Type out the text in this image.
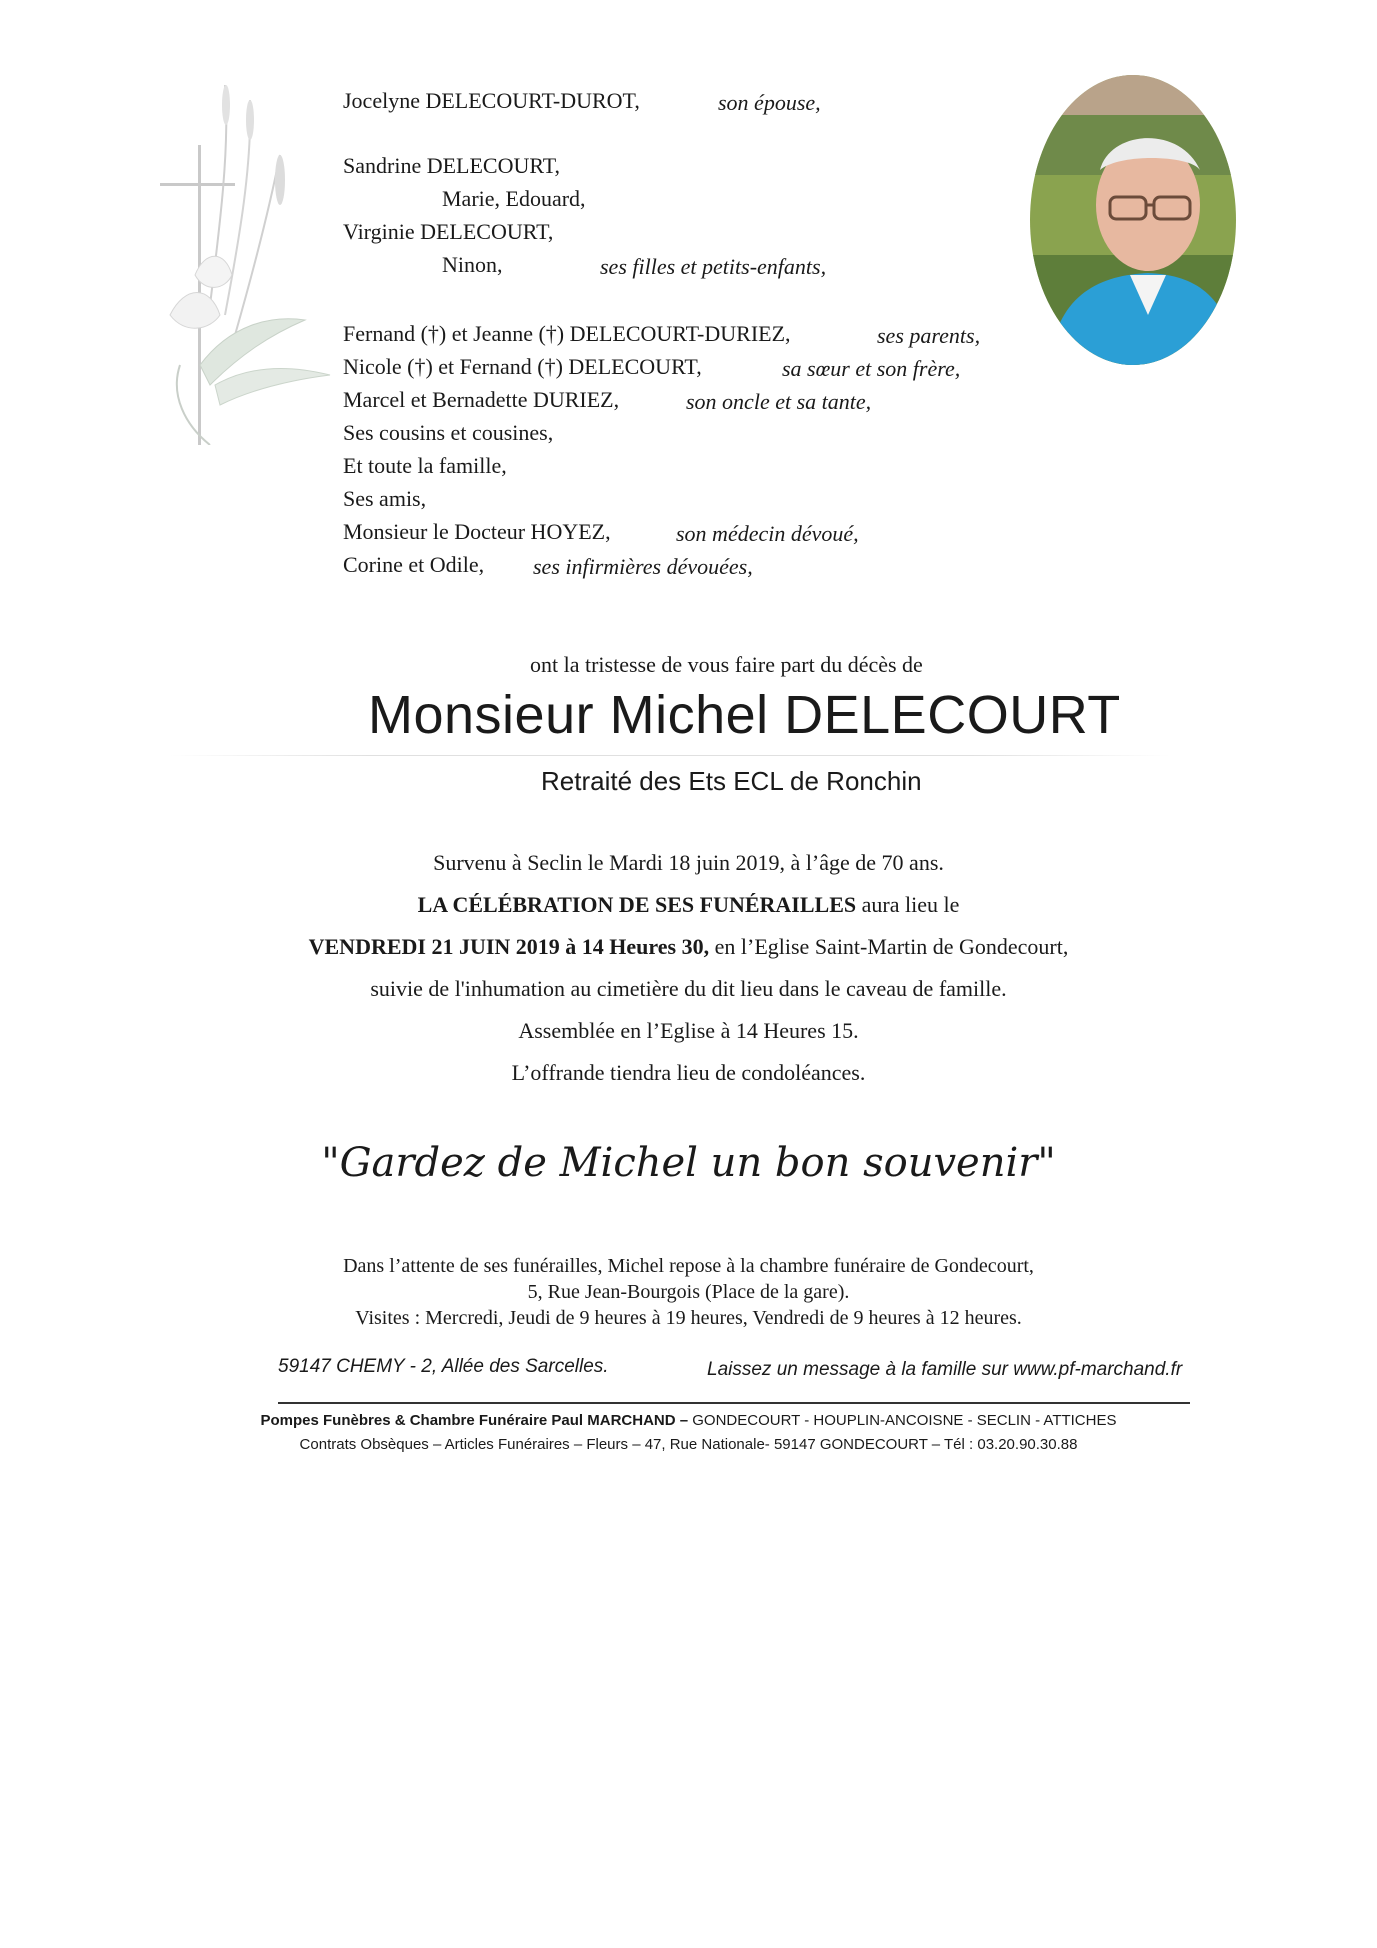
Jocelyne DELECOURT-DUROT,	son épouse,
Sandrine DELECOURT,
Marie, Edouard,
Virginie DELECOURT,
Ninon,	ses filles et petits-enfants,
Fernand (†) et Jeanne (†) DELECOURT-DURIEZ,	ses parents,
Nicole (†) et Fernand (†) DELECOURT,	sa sœur et son frère,
Marcel et Bernadette DURIEZ,	son oncle et sa tante,
Ses cousins et cousines,
Et toute la famille,
Ses amis,
Monsieur le Docteur HOYEZ,	son médecin dévoué,
Corine et Odile, ses infirmières dévouées,
ont la tristesse de vous faire part du décès de
Monsieur Michel DELECOURT
Retraité des Ets ECL de Ronchin
Survenu à Seclin le Mardi 18 juin 2019, à l’âge de 70 ans.
LA CÉLÉBRATION DE SES FUNÉRAILLES aura lieu le
VENDREDI 21 JUIN 2019 à 14 Heures 30, en l’Eglise Saint-Martin de Gondecourt,
suivie de l'inhumation au cimetière du dit lieu dans le caveau de famille.
Assemblée en l’Eglise à 14 Heures 15.
L’offrande tiendra lieu de condoléances.
"Gardez de Michel un bon souvenir"
Dans l’attente de ses funérailles, Michel repose à la chambre funéraire de Gondecourt,
5, Rue Jean-Bourgois (Place de la gare).
Visites : Mercredi, Jeudi de 9 heures à 19 heures, Vendredi de 9 heures à 12 heures.
59147 CHEMY - 2, Allée des Sarcelles.	Laissez un message à la famille sur www.pf-marchand.fr
Pompes Funèbres & Chambre Funéraire Paul MARCHAND – GONDECOURT - HOUPLIN-ANCOISNE - SECLIN - ATTICHES
Contrats Obsèques – Articles Funéraires – Fleurs – 47, Rue Nationale- 59147 GONDECOURT – Tél : 03.20.90.30.88
